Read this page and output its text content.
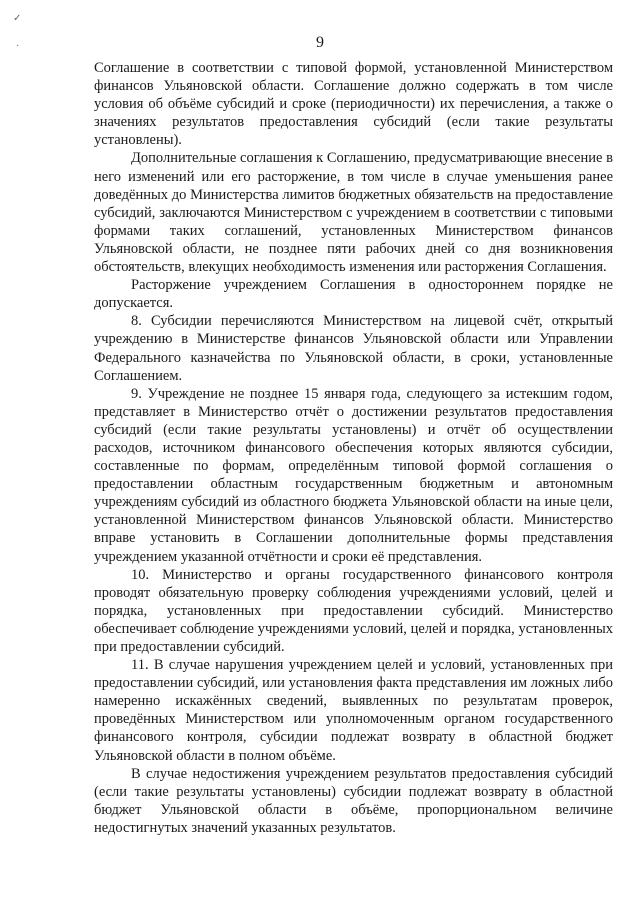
✓
·	9

Соглашение в соответствии с типовой формой, установленной Министерством финансов Ульяновской области. Соглашение должно содержать в том числе условия об объёме субсидий и сроке (периодичности) их перечисления, а также о значениях результатов предоставления субсидий (если такие результаты установлены).

Дополнительные соглашения к Соглашению, предусматривающие внесение в него изменений или его расторжение, в том числе в случае уменьшения ранее доведённых до Министерства лимитов бюджетных обязательств на предоставление субсидий, заключаются Министерством с учреждением в соответствии с типовыми формами таких соглашений, установленных Министерством финансов Ульяновской области, не позднее пяти рабочих дней со дня возникновения обстоятельств, влекущих необходимость изменения или расторжения Соглашения.

Расторжение учреждением Соглашения в одностороннем порядке не допускается.

8. Субсидии перечисляются Министерством на лицевой счёт, открытый учреждению в Министерстве финансов Ульяновской области или Управлении Федерального казначейства по Ульяновской области, в сроки, установленные Соглашением.

9. Учреждение не позднее 15 января года, следующего за истекшим годом, представляет в Министерство отчёт о достижении результатов предоставления субсидий (если такие результаты установлены) и отчёт об осуществлении расходов, источником финансового обеспечения которых являются субсидии, составленные по формам, определённым типовой формой соглашения о предоставлении областным государственным бюджетным и автономным учреждениям субсидий из областного бюджета Ульяновской области на иные цели, установленной Министерством финансов Ульяновской области. Министерство вправе установить в Соглашении дополнительные формы представления учреждением указанной отчётности и сроки её представления.

10. Министерство и органы государственного финансового контроля проводят обязательную проверку соблюдения учреждениями условий, целей и порядка, установленных при предоставлении субсидий. Министерство обеспечивает соблюдение учреждениями условий, целей и порядка, установленных при предоставлении субсидий.

11. В случае нарушения учреждением целей и условий, установленных при предоставлении субсидий, или установления факта представления им ложных либо намеренно искажённых сведений, выявленных по результатам проверок, проведённых Министерством или уполномоченным органом государственного финансового контроля, субсидии подлежат возврату в областной бюджет Ульяновской области в полном объёме.

В случае недостижения учреждением результатов предоставления субсидий (если такие результаты установлены) субсидии подлежат возврату в областной бюджет Ульяновской области в объёме, пропорциональном величине недостигнутых значений указанных результатов.
